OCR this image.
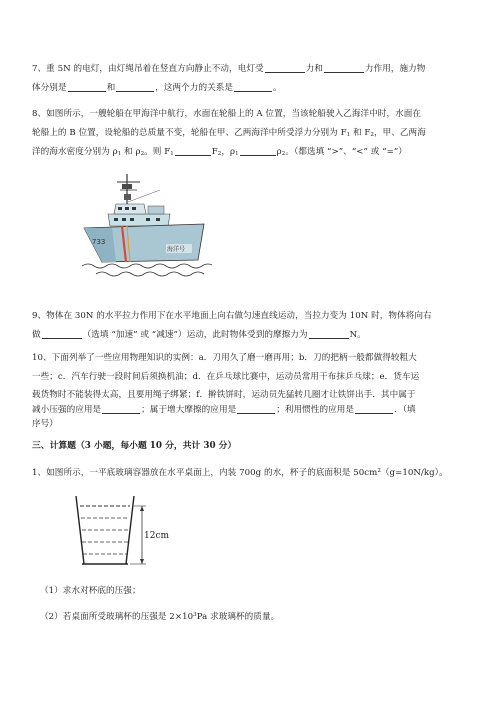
7、重 5N 的电灯，由灯绳吊着在竖直方向静止不动，电灯受	力和	力作用，施力物
体分别是	和	，这两个力的关系是	。
8、如图所示，一艘轮船在甲海洋中航行，水面在轮船上的 A 位置，当该轮船驶入乙海洋中时，水面在
轮船上的 B 位置，设轮船的总质量不变，轮船在甲、乙两海洋中所受浮力分别为 F1 和 F2，甲、乙两海
洋的海水密度分别为 ρ1 和 ρ2。则 F1	F2，ρ1	ρ2。（都选填 “>”、“<” 或 “=”）
733
海洋号
9、物体在 30N 的水平拉力作用下在水平地面上向右做匀速直线运动，当拉力变为 10N 时，物体将向右
做	（选填 “加速” 或 “减速”）运动，此时物体受到的摩擦力为	N。
10、下面列举了一些应用物理知识的实例：a．刀用久了磨一磨再用；b．刀的把柄一般都做得较粗大
一些；c．汽车行驶一段时间后须换机油；d．在乒乓球比赛中，运动员常用干布抹乒乓球；e．货车运
载货物时不能装得太高，且要用绳子绑紧；f．擀铁饼时，运动员先猛转几圈才让铁饼出手．其中属于
减小压强的应用是	；属于增大摩擦的应用是	；利用惯性的应用是	．（填
序号）
三、计算题（3 小题，每小题 10 分，共计 30 分）
1、如图所示，一平底玻璃容器放在水平桌面上，内装 700g 的水，杯子的底面积是 $50cm^2(g=10N/kg)$。
12cm
（1）求水对杯底的压强；
（2）若桌面所受玻璃杯的压强是 $2\times 10^3Pa$ 求玻璃杯的质量。
